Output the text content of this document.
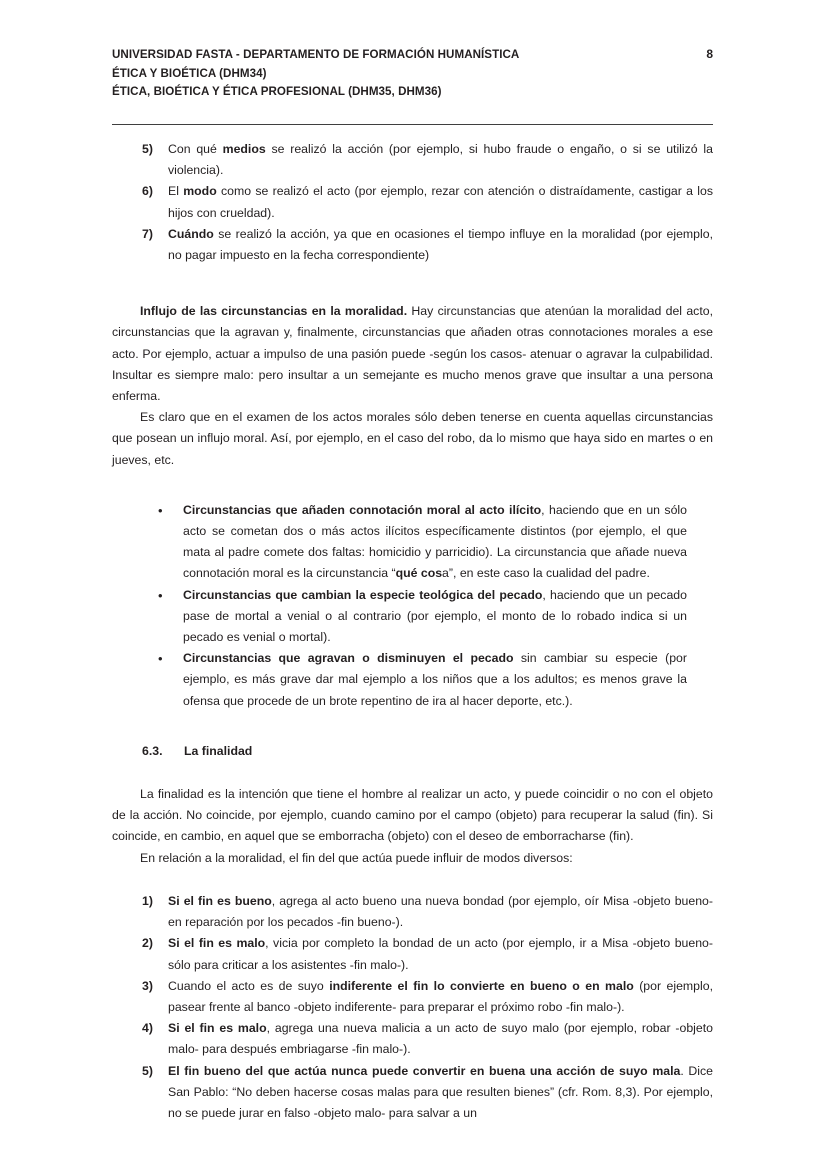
UNIVERSIDAD FASTA - DEPARTAMENTO DE FORMACIÓN HUMANÍSTICA	8
ÉTICA Y BIOÉTICA (DHM34)
ÉTICA, BIOÉTICA Y ÉTICA PROFESIONAL (DHM35, DHM36)
5)	Con qué medios se realizó la acción (por ejemplo, si hubo fraude o engaño, o si se utilizó la violencia).
6)	El modo como se realizó el acto (por ejemplo, rezar con atención o distraídamente, castigar a los hijos con crueldad).
7)	Cuándo se realizó la acción, ya que en ocasiones el tiempo influye en la moralidad (por ejemplo, no pagar impuesto en la fecha correspondiente)

Influjo de las circunstancias en la moralidad. Hay circunstancias que atenúan la moralidad del acto, circunstancias que la agravan y, finalmente, circunstancias que añaden otras connotaciones morales a ese acto. Por ejemplo, actuar a impulso de una pasión puede -según los casos- atenuar o agravar la culpabilidad. Insultar es siempre malo: pero insultar a un semejante es mucho menos grave que insultar a una persona enferma.

Es claro que en el examen de los actos morales sólo deben tenerse en cuenta aquellas circunstancias que posean un influjo moral. Así, por ejemplo, en el caso del robo, da lo mismo que haya sido en martes o en jueves, etc.

• Circunstancias que añaden connotación moral al acto ilícito, haciendo que en un sólo acto se cometan dos o más actos ilícitos específicamente distintos (por ejemplo, el que mata al padre comete dos faltas: homicidio y parricidio). La circunstancia que añade nueva connotación moral es la circunstancia “qué cosa”, en este caso la cualidad del padre.
• Circunstancias que cambian la especie teológica del pecado, haciendo que un pecado pase de mortal a venial o al contrario (por ejemplo, el monto de lo robado indica si un pecado es venial o mortal).
• Circunstancias que agravan o disminuyen el pecado sin cambiar su especie (por ejemplo, es más grave dar mal ejemplo a los niños que a los adultos; es menos grave la ofensa que procede de un brote repentino de ira al hacer deporte, etc.).

6.3. La finalidad

La finalidad es la intención que tiene el hombre al realizar un acto, y puede coincidir o no con el objeto de la acción. No coincide, por ejemplo, cuando camino por el campo (objeto) para recuperar la salud (fin). Si coincide, en cambio, en aquel que se emborracha (objeto) con el deseo de emborracharse (fin).

En relación a la moralidad, el fin del que actúa puede influir de modos diversos:

1)	Si el fin es bueno, agrega al acto bueno una nueva bondad (por ejemplo, oír Misa -objeto bueno- en reparación por los pecados -fin bueno-).
2)	Si el fin es malo, vicia por completo la bondad de un acto (por ejemplo, ir a Misa -objeto bueno- sólo para criticar a los asistentes -fin malo-).
3)	Cuando el acto es de suyo indiferente el fin lo convierte en bueno o en malo (por ejemplo, pasear frente al banco -objeto indiferente- para preparar el próximo robo -fin malo-).
4)	Si el fin es malo, agrega una nueva malicia a un acto de suyo malo (por ejemplo, robar -objeto malo- para después embriagarse -fin malo-).
5)	El fin bueno del que actúa nunca puede convertir en buena una acción de suyo mala. Dice San Pablo: “No deben hacerse cosas malas para que resulten bienes” (cfr. Rom. 8,3). Por ejemplo, no se puede jurar en falso -objeto malo- para salvar a un
